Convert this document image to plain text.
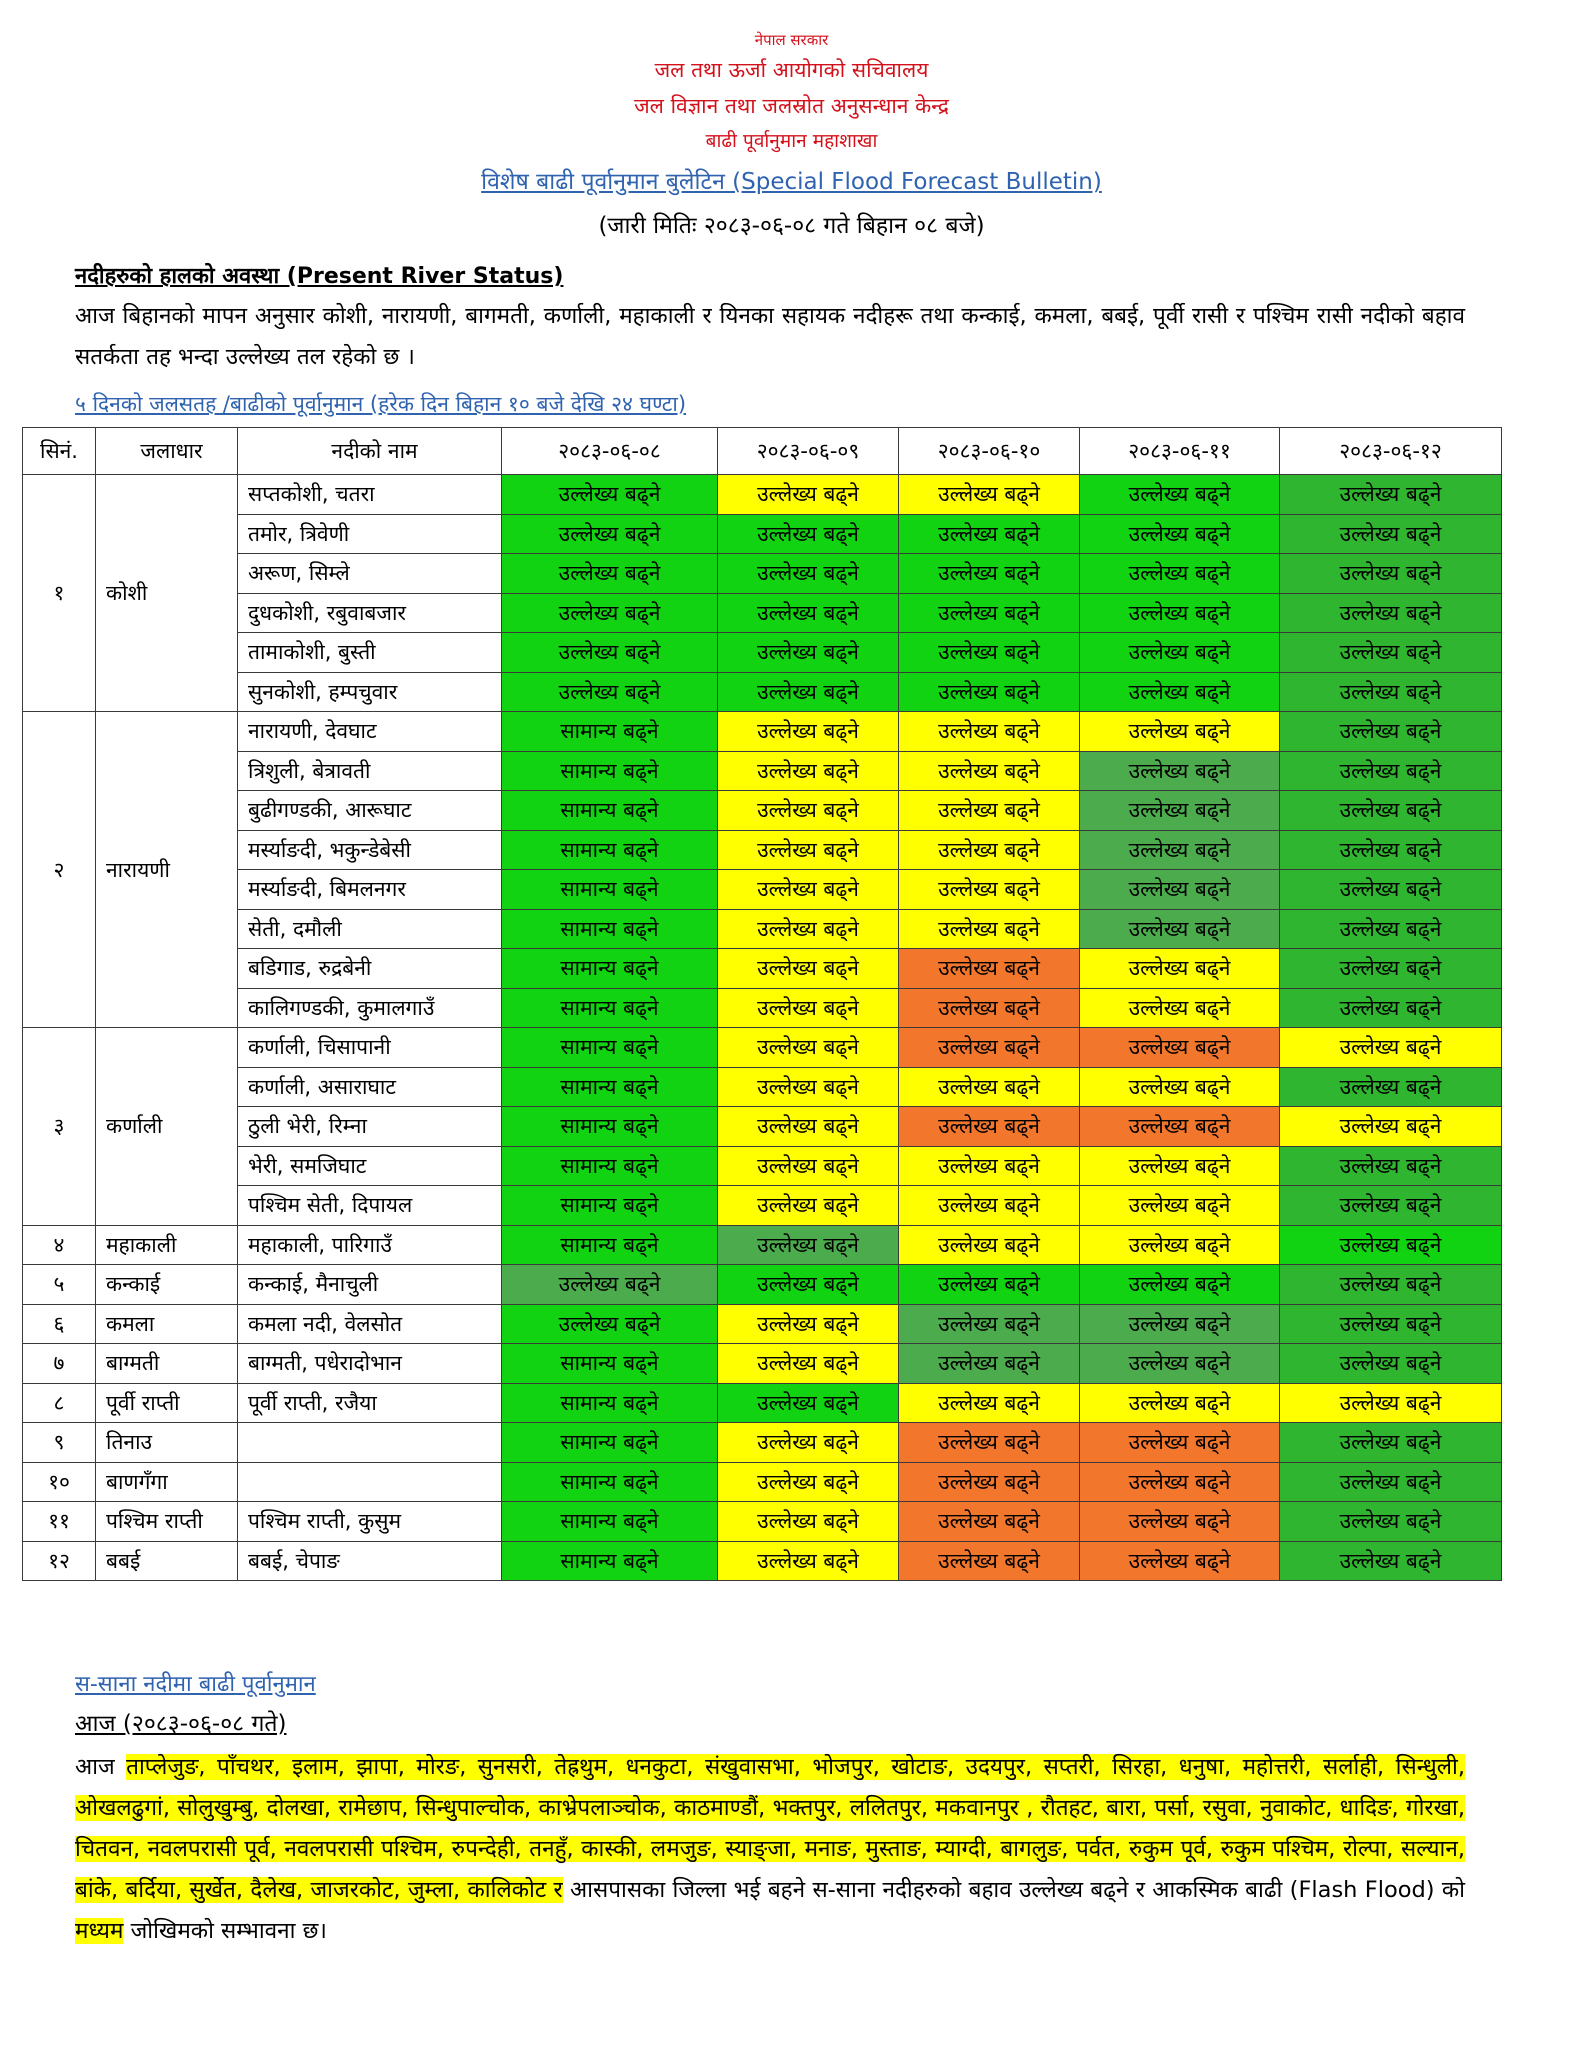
नेपाल सरकार
जल तथा ऊर्जा आयोगको सचिवालय
जल विज्ञान तथा जलस्रोत अनुसन्धान केन्द्र
बाढी पूर्वानुमान महाशाखा
विशेष बाढी पूर्वानुमान बुलेटिन (Special Flood Forecast Bulletin)
(जारी मितिः २०८३-०६-०८ गते बिहान ०८ बजे)
नदीहरुको हालको अवस्था (Present River Status)
आज बिहानको मापन अनुसार कोशी, नारायणी, बागमती, कर्णाली, महाकाली र यिनका सहायक नदीहरू तथा कन्काई, कमला, बबई, पूर्वी रासी र पश्चिम रासी नदीको बहाव सतर्कता तह भन्दा उल्लेख्य तल रहेको छ ।
५ दिनको जलसतह /बाढीको पूर्वानुमान (हरेक दिन बिहान १० बजे देखि २४ घण्टा)
सिनं.	जलाधार	नदीको नाम	२०८३-०६-०८	२०८३-०६-०९	२०८३-०६-१०	२०८३-०६-११	२०८३-०६-१२
१	कोशी	सप्तकोशी, चतरा	उल्लेख्य बढ्ने	उल्लेख्य बढ्ने	उल्लेख्य बढ्ने	उल्लेख्य बढ्ने	उल्लेख्य बढ्ने
		तमोर, त्रिवेणी	उल्लेख्य बढ्ने	उल्लेख्य बढ्ने	उल्लेख्य बढ्ने	उल्लेख्य बढ्ने	उल्लेख्य बढ्ने
		अरूण, सिम्ले	उल्लेख्य बढ्ने	उल्लेख्य बढ्ने	उल्लेख्य बढ्ने	उल्लेख्य बढ्ने	उल्लेख्य बढ्ने
		दुधकोशी, रबुवाबजार	उल्लेख्य बढ्ने	उल्लेख्य बढ्ने	उल्लेख्य बढ्ने	उल्लेख्य बढ्ने	उल्लेख्य बढ्ने
		तामाकोशी, बुस्ती	उल्लेख्य बढ्ने	उल्लेख्य बढ्ने	उल्लेख्य बढ्ने	उल्लेख्य बढ्ने	उल्लेख्य बढ्ने
		सुनकोशी, हम्पचुवार	उल्लेख्य बढ्ने	उल्लेख्य बढ्ने	उल्लेख्य बढ्ने	उल्लेख्य बढ्ने	उल्लेख्य बढ्ने
२	नारायणी	नारायणी, देवघाट	सामान्य बढ्ने	उल्लेख्य बढ्ने	उल्लेख्य बढ्ने	उल्लेख्य बढ्ने	उल्लेख्य बढ्ने
		त्रिशुली, बेत्रावती	सामान्य बढ्ने	उल्लेख्य बढ्ने	उल्लेख्य बढ्ने	उल्लेख्य बढ्ने	उल्लेख्य बढ्ने
		बुढीगण्डकी, आरूघाट	सामान्य बढ्ने	उल्लेख्य बढ्ने	उल्लेख्य बढ्ने	उल्लेख्य बढ्ने	उल्लेख्य बढ्ने
		मर्स्याङदी, भकुन्डेबेसी	सामान्य बढ्ने	उल्लेख्य बढ्ने	उल्लेख्य बढ्ने	उल्लेख्य बढ्ने	उल्लेख्य बढ्ने
		मर्स्याङदी, बिमलनगर	सामान्य बढ्ने	उल्लेख्य बढ्ने	उल्लेख्य बढ्ने	उल्लेख्य बढ्ने	उल्लेख्य बढ्ने
		सेती, दमौली	सामान्य बढ्ने	उल्लेख्य बढ्ने	उल्लेख्य बढ्ने	उल्लेख्य बढ्ने	उल्लेख्य बढ्ने
		बडिगाड, रुद्रबेनी	सामान्य बढ्ने	उल्लेख्य बढ्ने	उल्लेख्य बढ्ने	उल्लेख्य बढ्ने	उल्लेख्य बढ्ने
		कालिगण्डकी, कुमालगाउँ	सामान्य बढ्ने	उल्लेख्य बढ्ने	उल्लेख्य बढ्ने	उल्लेख्य बढ्ने	उल्लेख्य बढ्ने
३	कर्णाली	कर्णाली, चिसापानी	सामान्य बढ्ने	उल्लेख्य बढ्ने	उल्लेख्य बढ्ने	उल्लेख्य बढ्ने	उल्लेख्य बढ्ने
		कर्णाली, असाराघाट	सामान्य बढ्ने	उल्लेख्य बढ्ने	उल्लेख्य बढ्ने	उल्लेख्य बढ्ने	उल्लेख्य बढ्ने
		ठुली भेरी, रिम्ना	सामान्य बढ्ने	उल्लेख्य बढ्ने	उल्लेख्य बढ्ने	उल्लेख्य बढ्ने	उल्लेख्य बढ्ने
		भेरी, समजिघाट	सामान्य बढ्ने	उल्लेख्य बढ्ने	उल्लेख्य बढ्ने	उल्लेख्य बढ्ने	उल्लेख्य बढ्ने
		पश्चिम सेती, दिपायल	सामान्य बढ्ने	उल्लेख्य बढ्ने	उल्लेख्य बढ्ने	उल्लेख्य बढ्ने	उल्लेख्य बढ्ने
४	महाकाली	महाकाली, पारिगाउँ	सामान्य बढ्ने	उल्लेख्य बढ्ने	उल्लेख्य बढ्ने	उल्लेख्य बढ्ने	उल्लेख्य बढ्ने
५	कन्काई	कन्काई, मैनाचुली	उल्लेख्य बढ्ने	उल्लेख्य बढ्ने	उल्लेख्य बढ्ने	उल्लेख्य बढ्ने	उल्लेख्य बढ्ने
६	कमला	कमला नदी, वेलसोत	उल्लेख्य बढ्ने	उल्लेख्य बढ्ने	उल्लेख्य बढ्ने	उल्लेख्य बढ्ने	उल्लेख्य बढ्ने
७	बाग्मती	बाग्मती, पधेरादोभान	सामान्य बढ्ने	उल्लेख्य बढ्ने	उल्लेख्य बढ्ने	उल्लेख्य बढ्ने	उल्लेख्य बढ्ने
८	पूर्वी राप्ती	पूर्वी राप्ती, रजैया	सामान्य बढ्ने	उल्लेख्य बढ्ने	उल्लेख्य बढ्ने	उल्लेख्य बढ्ने	उल्लेख्य बढ्ने
९	तिनाउ		सामान्य बढ्ने	उल्लेख्य बढ्ने	उल्लेख्य बढ्ने	उल्लेख्य बढ्ने	उल्लेख्य बढ्ने
१०	बाणगँगा		सामान्य बढ्ने	उल्लेख्य बढ्ने	उल्लेख्य बढ्ने	उल्लेख्य बढ्ने	उल्लेख्य बढ्ने
११	पश्चिम राप्ती	पश्चिम राप्ती, कुसुम	सामान्य बढ्ने	उल्लेख्य बढ्ने	उल्लेख्य बढ्ने	उल्लेख्य बढ्ने	उल्लेख्य बढ्ने
१२	बबई	बबई, चेपाङ	सामान्य बढ्ने	उल्लेख्य बढ्ने	उल्लेख्य बढ्ने	उल्लेख्य बढ्ने	उल्लेख्य बढ्ने
स-साना नदीमा बाढी पूर्वानुमान
आज (२०८३-०६-०८ गते)
आज ताप्लेजुङ, पाँचथर, इलाम, झापा, मोरङ, सुनसरी, तेह्रथुम, धनकुटा, संखुवासभा, भोजपुर, खोटाङ, उदयपुर, सप्तरी, सिरहा, धनुषा, महोत्तरी, सर्लाही, सिन्धुली, ओखलढुगां, सोलुखुम्बु, दोलखा, रामेछाप, सिन्धुपाल्चोक, काभ्रेपलाञ्चोक, काठमाण्डौं, भक्तपुर, ललितपुर, मकवानपुर , रौतहट, बारा, पर्सा, रसुवा, नुवाकोट, धादिङ, गोरखा, चितवन, नवलपरासी पूर्व, नवलपरासी पश्चिम, रुपन्देही, तनहुँ, कास्की, लमजुङ, स्याङ्जा, मनाङ, मुस्ताङ, म्याग्दी, बागलुङ, पर्वत, रुकुम पूर्व, रुकुम पश्चिम, रोल्पा, सल्यान, बांके, बर्दिया, सुर्खेत, दैलेख, जाजरकोट, जुम्ला, कालिकोट र आसपासका जिल्ला भई बहने स-साना नदीहरुको बहाव उल्लेख्य बढ्ने र आकस्मिक बाढी (Flash Flood) को मध्यम जोखिमको सम्भावना छ।
